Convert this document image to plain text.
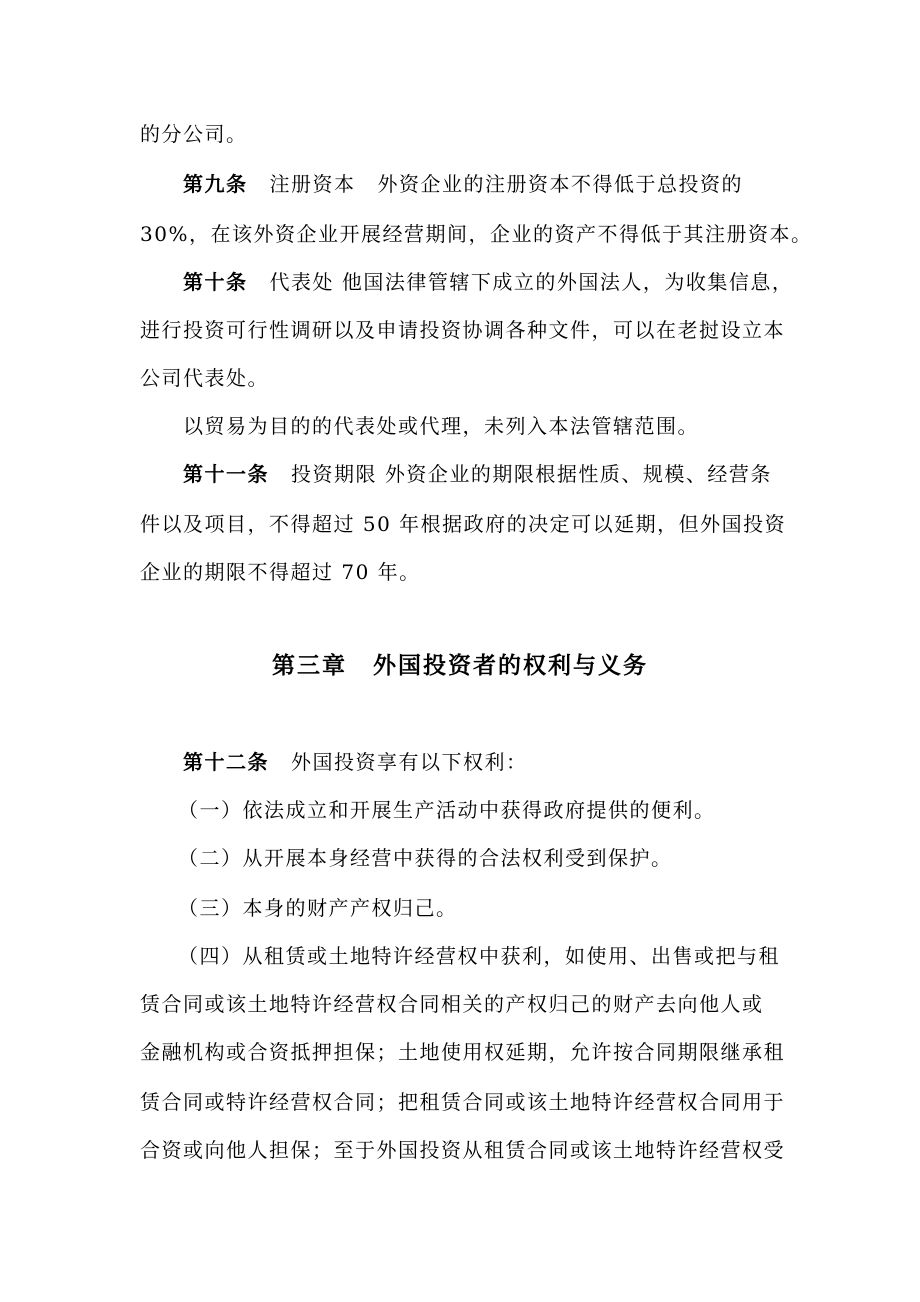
的分公司。
第九条 注册资本 外资企业的注册资本不得低于总投资的
30%，在该外资企业开展经营期间，企业的资产不得低于其注册资本。
第十条 代表处 他国法律管辖下成立的外国法人，为收集信息，
进行投资可行性调研以及申请投资协调各种文件，可以在老挝设立本
公司代表处。
以贸易为目的的代表处或代理，未列入本法管辖范围。
第十一条 投资期限 外资企业的期限根据性质、规模、经营条
件以及项目，不得超过 50 年根据政府的决定可以延期，但外国投资
企业的期限不得超过 70 年。
第三章 外国投资者的权利与义务
第十二条 外国投资享有以下权利：
（一）依法成立和开展生产活动中获得政府提供的便利。
（二）从开展本身经营中获得的合法权利受到保护。
（三）本身的财产产权归己。
（四）从租赁或土地特许经营权中获利，如使用、出售或把与租
赁合同或该土地特许经营权合同相关的产权归己的财产去向他人或
金融机构或合资抵押担保；土地使用权延期，允许按合同期限继承租
赁合同或特许经营权合同；把租赁合同或该土地特许经营权合同用于
合资或向他人担保；至于外国投资从租赁合同或该土地特许经营权受
